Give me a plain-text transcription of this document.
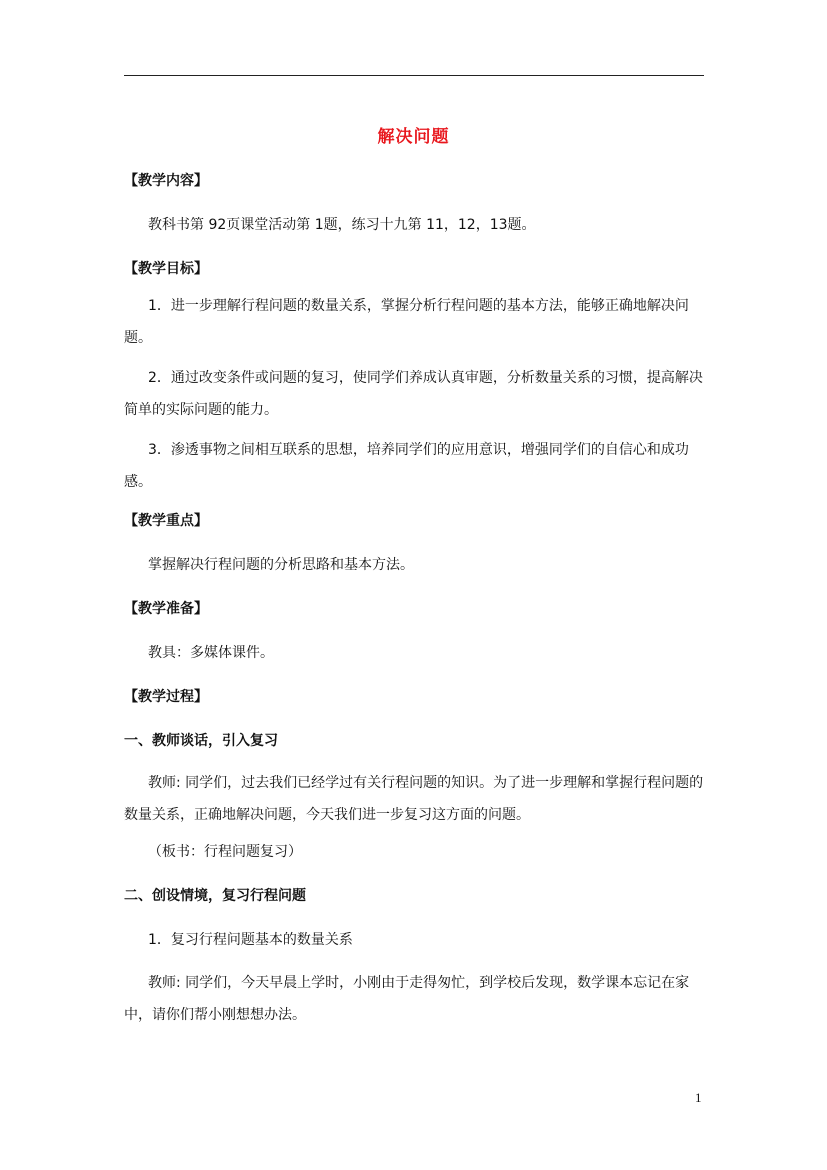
解决问题
【教学内容】
教科书第 92页课堂活动第 1题，练习十九第 11，12，13题。
【教学目标】
1．进一步理解行程问题的数量关系，掌握分析行程问题的基本方法，能够正确地解决问题。
2．通过改变条件或问题的复习，使同学们养成认真审题，分析数量关系的习惯，提高解决简单的实际问题的能力。
3．渗透事物之间相互联系的思想，培养同学们的应用意识，增强同学们的自信心和成功感。
【教学重点】
掌握解决行程问题的分析思路和基本方法。
【教学准备】
教具：多媒体课件。
【教学过程】
一、教师谈话，引入复习
教师: 同学们，过去我们已经学过有关行程问题的知识。为了进一步理解和掌握行程问题的数量关系，正确地解决问题，今天我们进一步复习这方面的问题。
（板书：行程问题复习）
二、创设情境，复习行程问题
1．复习行程问题基本的数量关系
教师: 同学们，今天早晨上学时，小刚由于走得匆忙，到学校后发现，数学课本忘记在家中，请你们帮小刚想想办法。
1
